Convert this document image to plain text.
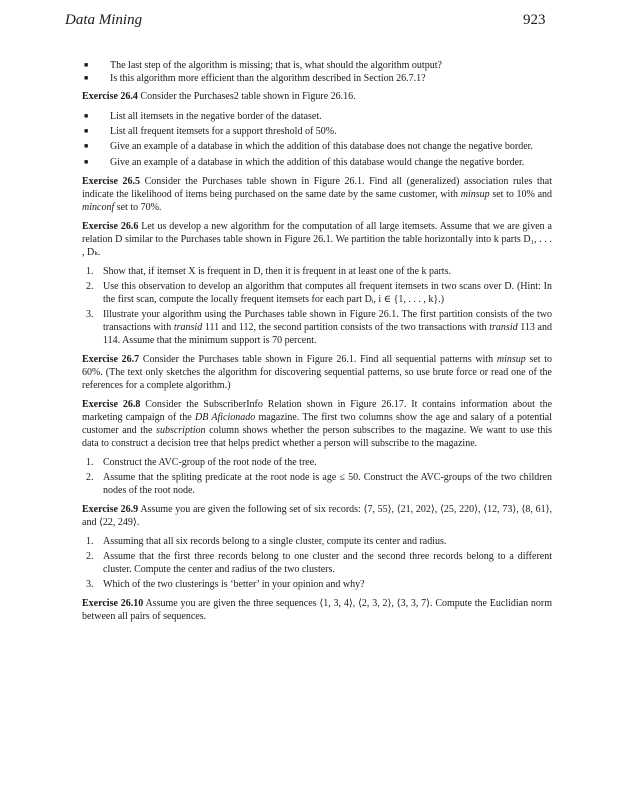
Data Mining	923
■ The last step of the algorithm is missing; that is, what should the algorithm output?
■ Is this algorithm more efficient than the algorithm described in Section 26.7.1?
Exercise 26.4 Consider the Purchases2 table shown in Figure 26.16.
■ List all itemsets in the negative border of the dataset.
■ List all frequent itemsets for a support threshold of 50%.
■ Give an example of a database in which the addition of this database does not change the negative border.
■ Give an example of a database in which the addition of this database would change the negative border.
Exercise 26.5 Consider the Purchases table shown in Figure 26.1. Find all (generalized) association rules that indicate the likelihood of items being purchased on the same date by the same customer, with minsup set to 10% and minconf set to 70%.
Exercise 26.6 Let us develop a new algorithm for the computation of all large itemsets. Assume that we are given a relation D similar to the Purchases table shown in Figure 26.1. We partition the table horizontally into k parts D₁, . . . , Dₖ.
1. Show that, if itemset X is frequent in D, then it is frequent in at least one of the k parts.
2. Use this observation to develop an algorithm that computes all frequent itemsets in two scans over D. (Hint: In the first scan, compute the locally frequent itemsets for each part Dᵢ, i ∈ {1, . . . , k}.)
3. Illustrate your algorithm using the Purchases table shown in Figure 26.1. The first partition consists of the two transactions with transid 111 and 112, the second partition consists of the two transactions with transid 113 and 114. Assume that the minimum support is 70 percent.
Exercise 26.7 Consider the Purchases table shown in Figure 26.1. Find all sequential patterns with minsup set to 60%. (The text only sketches the algorithm for discovering sequential patterns, so use brute force or read one of the references for a complete algorithm.)
Exercise 26.8 Consider the SubscriberInfo Relation shown in Figure 26.17. It contains information about the marketing campaign of the DB Aficionado magazine. The first two columns show the age and salary of a potential customer and the subscription column shows whether the person subscribes to the magazine. We want to use this data to construct a decision tree that helps predict whether a person will subscribe to the magazine.
1. Construct the AVC-group of the root node of the tree.
2. Assume that the spliting predicate at the root node is age ≤ 50. Construct the AVC-groups of the two children nodes of the root node.
Exercise 26.9 Assume you are given the following set of six records: ⟨7, 55⟩, ⟨21, 202⟩, ⟨25, 220⟩, ⟨12, 73⟩, ⟨8, 61⟩, and ⟨22, 249⟩.
1. Assuming that all six records belong to a single cluster, compute its center and radius.
2. Assume that the first three records belong to one cluster and the second three records belong to a different cluster. Compute the center and radius of the two clusters.
3. Which of the two clusterings is ‘better’ in your opinion and why?
Exercise 26.10 Assume you are given the three sequences ⟨1, 3, 4⟩, ⟨2, 3, 2⟩, ⟨3, 3, 7⟩. Compute the Euclidian norm between all pairs of sequences.
